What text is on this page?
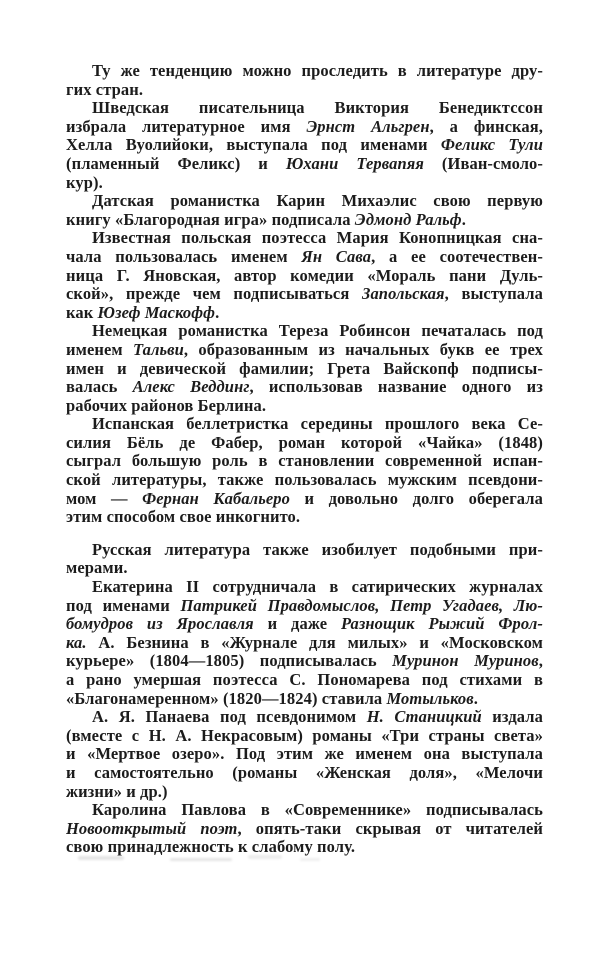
Ту же тенденцию можно проследить в литературе дру-
гих стран.
Шведская писательница Виктория Бенедиктссон
избрала литературное имя Эрнст Альгрен, а финская,
Хелла Вуолийоки, выступала под именами Феликс Тули
(пламенный Феликс) и Юхани Тервапяя (Иван-смоло-
кур).
Датская романистка Карин Михаэлис свою первую
книгу «Благородная игра» подписала Эдмонд Ральф.
Известная польская поэтесса Мария Конопницкая сна-
чала пользовалась именем Ян Сава, а ее соотечествен-
ница Г. Яновская, автор комедии «Мораль пани Дуль-
ской», прежде чем подписываться Запольская, выступала
как Юзеф Маскофф.
Немецкая романистка Тереза Робинсон печаталась под
именем Тальви, образованным из начальных букв ее трех
имен и девической фамилии; Грета Вайскопф подписы-
валась Алекс Веддинг, использовав название одного из
рабочих районов Берлина.
Испанская беллетристка середины прошлого века Се-
силия Бёль де Фабер, роман которой «Чайка» (1848)
сыграл большую роль в становлении современной испан-
ской литературы, также пользовалась мужским псевдони-
мом — Фернан Кабальеро и довольно долго оберегала
этим способом свое инкогнито.
Русская литература также изобилует подобными при-
мерами.
Екатерина II сотрудничала в сатирических журналах
под именами Патрикей Правдомыслов, Петр Угадаев, Лю-
бомудров из Ярославля и даже Разнощик Рыжий Фрол-
ка. А. Безнина в «Журнале для милых» и «Московском
курьере» (1804—1805) подписывалась Муринон Муринов,
а рано умершая поэтесса С. Пономарева под стихами в
«Благонамеренном» (1820—1824) ставила Мотыльков.
А. Я. Панаева под псевдонимом Н. Станицкий издала
(вместе с Н. А. Некрасовым) романы «Три страны света»
и «Мертвое озеро». Под этим же именем она выступала
и самостоятельно (романы «Женская доля», «Мелочи
жизни» и др.)
Каролина Павлова в «Современнике» подписывалась
Новооткрытый поэт, опять-таки скрывая от читателей
свою принадлежность к слабому полу.
